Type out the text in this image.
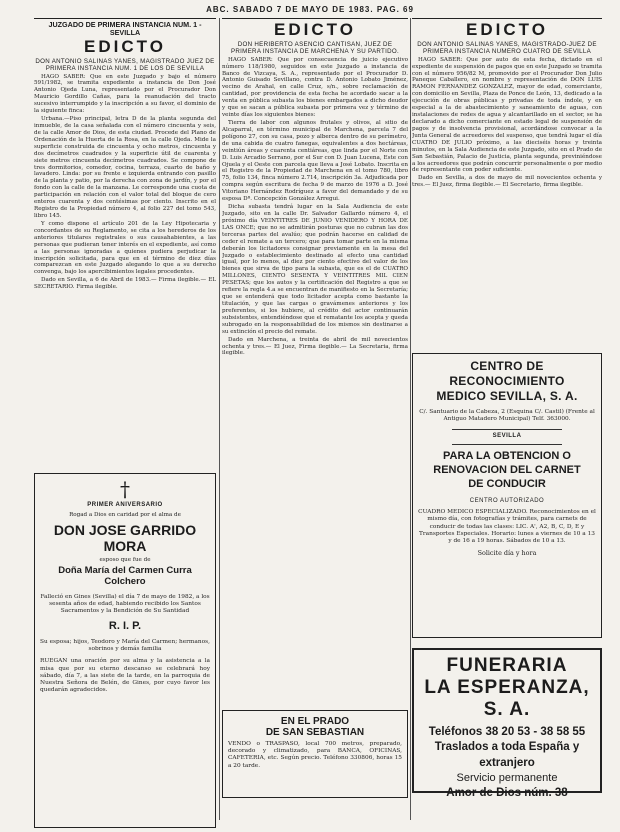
ABC. SABADO 7 DE MAYO DE 1983. PAG. 69
JUZGADO DE PRIMERA INSTANCIA NUM. 1 - SEVILLA
EDICTO
DON ANTONIO SALINAS YANES, MAGISTRADO JUEZ DE PRIMERA INSTANCIA NUM. 1 DE LOS DE SEVILLA

HAGO SABER: Que en este Juzgado y bajo el número 591/1982, se tramita expediente a instancia de Don José Antonio Ojeda Luna, representado por el Procurador Don Mauricio Gordillo Cañas, para la reanudación del tracto sucesivo interrumpido y la inscripción a su favor, el dominio de la siguiente finca:

Urbana.—Piso principal, letra D de la planta segunda del inmueble, de la casa señalada con el número cincuenta y seis, de la calle Amor de Dios, de esta ciudad. Procede del Plano de Ordenación de la Huerta de la Rosa, en la calle Ojeda. Mide la superficie construida de cincuenta y ocho metros, cincuenta y dos decímetros cuadrados y la superficie útil de cuarenta y siete metros cincuenta decímetros cuadrados. Se compone de tres dormitorios, comedor, cocina, terraza, cuarto de baño y lavadero. Linda: por su frente e izquierda entrando con pasillo de la planta y patio, por la derecha con zona de jardín, y por el fondo con la calle de la manzana. Le corresponde una cuota de participación en relación con el valor total del bloque de cero enteros cuarenta y dos centésimas por ciento. Inscrito en el Registro de la Propiedad número 4, al folio 227 del tomo 543, libro 145.

Y como dispone el artículo 201 de la Ley Hipotecaria y concordantes de su Reglamento, se cita a los herederos de los anteriores titulares registrales o sus causahabientes, a las personas que pudieran tener interés en el expediente, así como a las personas ignoradas a quienes pudiera perjudicar la inscripción solicitada, para que en el término de diez días comparezcan en este Juzgado alegando lo que a su derecho convenga, bajo los apercibimientos legales procedentes.

Dado en Sevilla, a 6 de Abril de 1983.— Firma ilegible.— EL SECRETARIO. Firma ilegible.

†
PRIMER ANIVERSARIO
Rogad a Dios en caridad por el alma de
DON JOSE GARRIDO MORA
esposo que fue de
Doña María del Carmen Curra Colchero

Falleció en Gines (Sevilla) el día 7 de mayo de 1982, a los sesenta años de edad, habiendo recibido los Santos Sacramentos y la Bendición de Su Santidad

R. I. P.

Su esposa; hijos, Teodoro y María del Carmen; hermanos, sobrinos y demás familia

RUEGAN una oración por su alma y la asistencia a la misa que por su eterno descanso se celebrará hoy sábado, día 7, a las siete de la tarde, en la parroquia de Nuestra Señora de Belén, de Gines, por cuyo favor les quedarán agradecidos.

EDICTO
DON HERIBERTO ASENCIO CANTISAN, JUEZ DE PRIMERA INSTANCIA DE MARCHENA Y SU PARTIDO.

HAGO SABER: Que por consecuencia de juicio ejecutivo número 118/1980, seguidos en este Juzgado a instancia de Banco de Vizcaya, S. A., representado por el Procurador D. Antonio Guisado Sevillano, contra D. Antonio Lobato Jiménez, vecino de Arahal, en calle Cruz, s/n., sobre reclamación de cantidad, por providencia de esta fecha he acordado sacar a la venta en pública subasta los bienes embargados a dicho deudor y que se sacan a pública subasta por primera vez y término de veinte días los siguientes bienes:

Tierra de labor con algunos frutales y olivos, al sitio de Alcaparral, en término municipal de Marchena, parcela 7 del polígono 27, con su casa, pozo y alberca dentro de su perímetro, de una cabida de cuatro fanegas, equivalentes a dos hectáreas, veintiún áreas y cuarenta centiáreas, que linda por el Norte con D. Luis Arcadio Serrano, por el Sur con D. Juan Lucena, Este con Ojuela y el Oeste con parcela que lleva a José Lobato. Inscrita en el Registro de la Propiedad de Marchena en el tomo 780, libro 75, folio 134, finca número 2.714, inscripción 3a. Adjudicada por compra según escritura de fecha 9 de marzo de 1976 a D. José Vitoriano Hernández Rodríguez a favor del demandado y de su esposa Dª. Concepción González Arregui.

Dicha subasta tendrá lugar en la Sala Audiencia de este Juzgado, sito en la calle Dr. Salvador Gallardo número 4, el próximo día VEINTITRES DE JUNIO VENIDERO Y HORA DE LAS ONCE; que no se admitirán posturas que no cubran las dos terceras partes del avalúo; que podrán hacerse en calidad de ceder el remate a un tercero; que para tomar parte en la misma deberán los licitadores consignar previamente en la mesa del Juzgado o establecimiento destinado al efecto una cantidad igual, por lo menos, al diez por ciento efectivo del valor de los bienes que sirva de tipo para la subasta, que es el de CUATRO MILLONES, CIENTO SESENTA Y VEINTITRES MIL CIEN PESETAS; que los autos y la certificación del Registro a que se refiere la regla 4.a se encuentran de manifiesto en la Secretaría; que se entenderá que todo licitador acepta como bastante la titulación, y que las cargas o gravámenes anteriores y los preferentes, si los hubiere, al crédito del actor continuarán subsistentes, entendiéndose que el rematante los acepta y queda subrogado en la responsabilidad de los mismos sin destinarse a su extinción el precio del remate.

Dado en Marchena, a treinta de abril de mil novecientos ochenta y tres.— El Juez, Firma ilegible.— La Secretaria, firma ilegible.

EN EL PRADO
DE SAN SEBASTIAN

VENDO o TRASPASO, local 700 metros, preparado, decorado y climatizado, para BANCA, OFICINAS, CAFETERIA, etc. Según precio. Teléfono 330806, horas 15 a 20 tarde.

EDICTO
DON ANTONIO SALINAS YANES, MAGISTRADO-JUEZ DE PRIMERA INSTANCIA NUMERO CUATRO DE SEVILLA

HAGO SABER: Que por auto de esta fecha, dictado en el expediente de suspensión de pagos que en este Juzgado se tramita con el número 956/82 M, promovido por el Procurador Don Julio Paneque Caballero, en nombre y representación de DON LUIS RAMON FERNANDEZ GONZALEZ, mayor de edad, comerciante, con domicilio en Sevilla, Plaza de Ponce de León, 13, dedicado a la ejecución de obras públicas y privadas de toda índole, y en especial a la de abastecimiento y saneamiento de aguas, con instalaciones de redes de agua y alcantarillado en el sector, se ha declarado a dicho comerciante en estado legal de suspensión de pagos y de insolvencia provisional, acordándose convocar a la Junta General de acreedores del suspenso, que tendrá lugar el día CUATRO DE JULIO próximo, a las dieciséis horas y treinta minutos, en la Sala Audiencia de este Juzgado, sito en el Prado de San Sebastián, Palacio de Justicia, planta segunda, previniéndose a los acreedores que podrán concurrir personalmente o por medio de representante con poder suficiente.

Dado en Sevilla, a dos de mayo de mil novecientos ochenta y tres.— El Juez, firma ilegible.— El Secretario, firma ilegible.

CENTRO DE RECONOCIMIENTO
MEDICO SEVILLA, S. A.

C/. Santuario de la Cabeza, 2 (Esquina C/. Castil) (Frente al Antiguo Matadero Municipal) Telf. 363000.

SEVILLA
PARA LA OBTENCION O
RENOVACION DEL CARNET
DE CONDUCIR
CENTRO AUTORIZADO

CUADRO MEDICO ESPECIALIZADO. Reconocimientos en el mismo día, con fotografías y trámites, para carnets de conducir de todas las clases: LIC. A', A2, B, C, D, E y Transportes Especiales. Horario: lunes a viernes de 10 a 13 y de 16 a 19 horas. Sábados de 10 a 13.

Solicite día y hora
FUNERARIA
LA ESPERANZA, S. A.
Teléfonos 38 20 53 - 38 58 55
Traslados a toda España y
extranjero
Servicio permanente
Amor de Dios núm. 38
